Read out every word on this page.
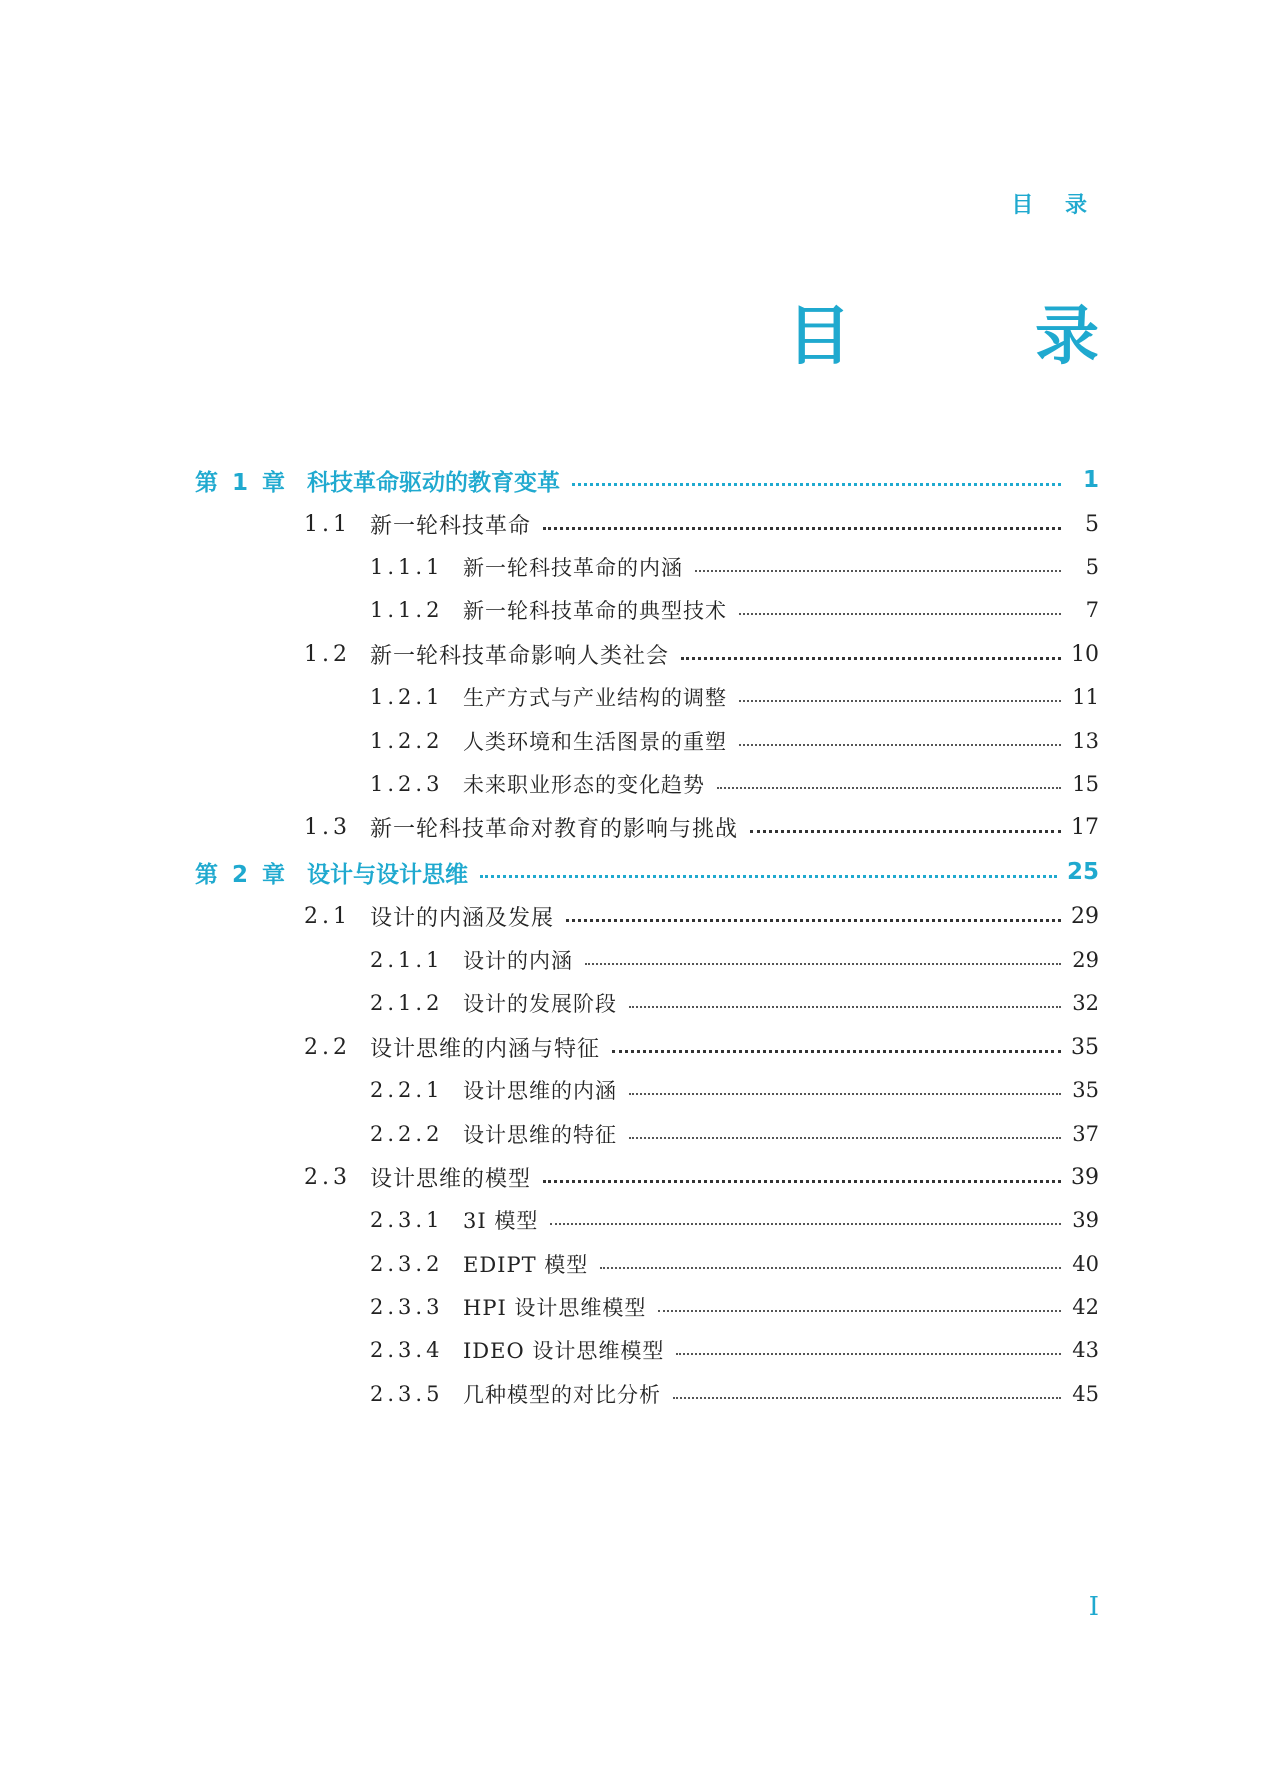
目 录
目　录
第 1 章 科技革命驱动的教育变革	1
1.1 新一轮科技革命	5
1.1.1 新一轮科技革命的内涵	5
1.1.2 新一轮科技革命的典型技术	7
1.2 新一轮科技革命影响人类社会	10
1.2.1 生产方式与产业结构的调整	11
1.2.2 人类环境和生活图景的重塑	13
1.2.3 未来职业形态的变化趋势	15
1.3 新一轮科技革命对教育的影响与挑战	17
第 2 章 设计与设计思维	25
2.1 设计的内涵及发展	29
2.1.1 设计的内涵	29
2.1.2 设计的发展阶段	32
2.2 设计思维的内涵与特征	35
2.2.1 设计思维的内涵	35
2.2.2 设计思维的特征	37
2.3 设计思维的模型	39
2.3.1 3I 模型	39
2.3.2 EDIPT 模型	40
2.3.3 HPI 设计思维模型	42
2.3.4 IDEO 设计思维模型	43
2.3.5 几种模型的对比分析	45
I
